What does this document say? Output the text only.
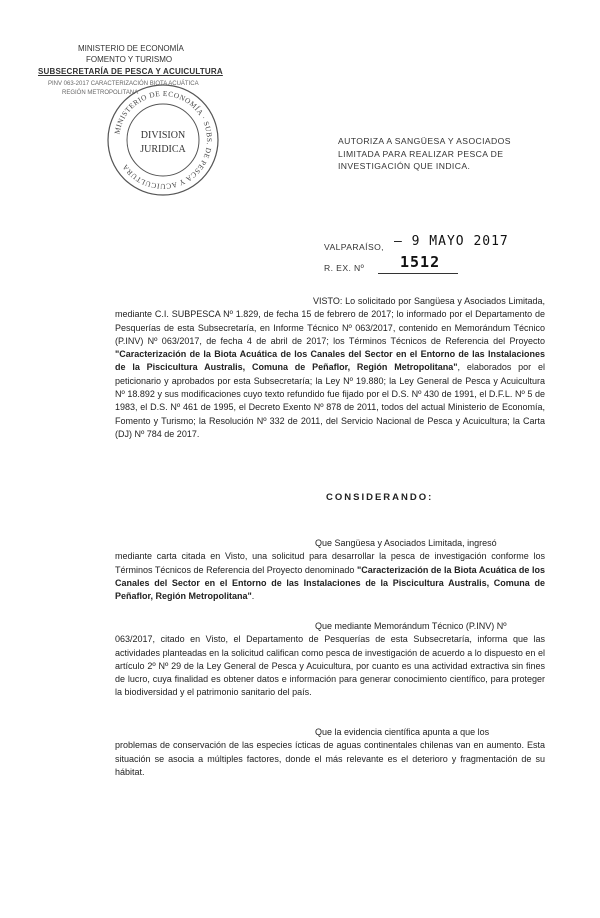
MINISTERIO DE ECONOMÍA
FOMENTO Y TURISMO
SUBSECRETARÍA DE PESCA Y ACUICULTURA
PINV 063-2017 CARACTERIZACIÓN BIOTA ACUÁTICA
REGIÓN METROPOLITANA
MINISTERIO DE ECONOMÍA · SUBS. DE PESCA Y ACUICULTURA
DIVISION
JURIDICA
AUTORIZA A SANGÜESA Y ASOCIADOS LIMITADA PARA REALIZAR PESCA DE INVESTIGACIÓN QUE INDICA.
VALPARAÍSO, – 9 MAYO 2017
R. EX. Nº 1512
VISTO: Lo solicitado por Sangüesa y Asociados Limitada, mediante C.I. SUBPESCA Nº 1.829, de fecha 15 de febrero de 2017; lo informado por el Departamento de Pesquerías de esta Subsecretaría, en Informe Técnico Nº 063/2017, contenido en Memorándum Técnico (P.INV) Nº 063/2017, de fecha 4 de abril de 2017; los Términos Técnicos de Referencia del Proyecto "Caracterización de la Biota Acuática de los Canales del Sector en el Entorno de las Instalaciones de la Piscicultura Australis, Comuna de Peñaflor, Región Metropolitana", elaborados por el peticionario y aprobados por esta Subsecretaría; la Ley Nº 19.880; la Ley General de Pesca y Acuicultura Nº 18.892 y sus modificaciones cuyo texto refundido fue fijado por el D.S. Nº 430 de 1991, el D.F.L. Nº 5 de 1983, el D.S. Nº 461 de 1995, el Decreto Exento Nº 878 de 2011, todos del actual Ministerio de Economía, Fomento y Turismo; la Resolución Nº 332 de 2011, del Servicio Nacional de Pesca y Acuicultura; la Carta (DJ) Nº 784 de 2017.
CONSIDERANDO:
Que Sangüesa y Asociados Limitada, ingresó
mediante carta citada en Visto, una solicitud para desarrollar la pesca de investigación conforme los Términos Técnicos de Referencia del Proyecto denominado "Caracterización de la Biota Acuática de los Canales del Sector en el Entorno de las Instalaciones de la Piscicultura Australis, Comuna de Peñaflor, Región Metropolitana".
Que mediante Memorándum Técnico (P.INV) Nº
063/2017, citado en Visto, el Departamento de Pesquerías de esta Subsecretaría, informa que las actividades planteadas en la solicitud califican como pesca de investigación de acuerdo a lo dispuesto en el artículo 2º Nº 29 de la Ley General de Pesca y Acuicultura, por cuanto es una actividad extractiva sin fines de lucro, cuya finalidad es obtener datos e información para generar conocimiento científico, para proteger la biodiversidad y el patrimonio sanitario del país.
Que la evidencia científica apunta a que los
problemas de conservación de las especies ícticas de aguas continentales chilenas van en aumento. Esta situación se asocia a múltiples factores, donde el más relevante es el deterioro y fragmentación de su hábitat.
